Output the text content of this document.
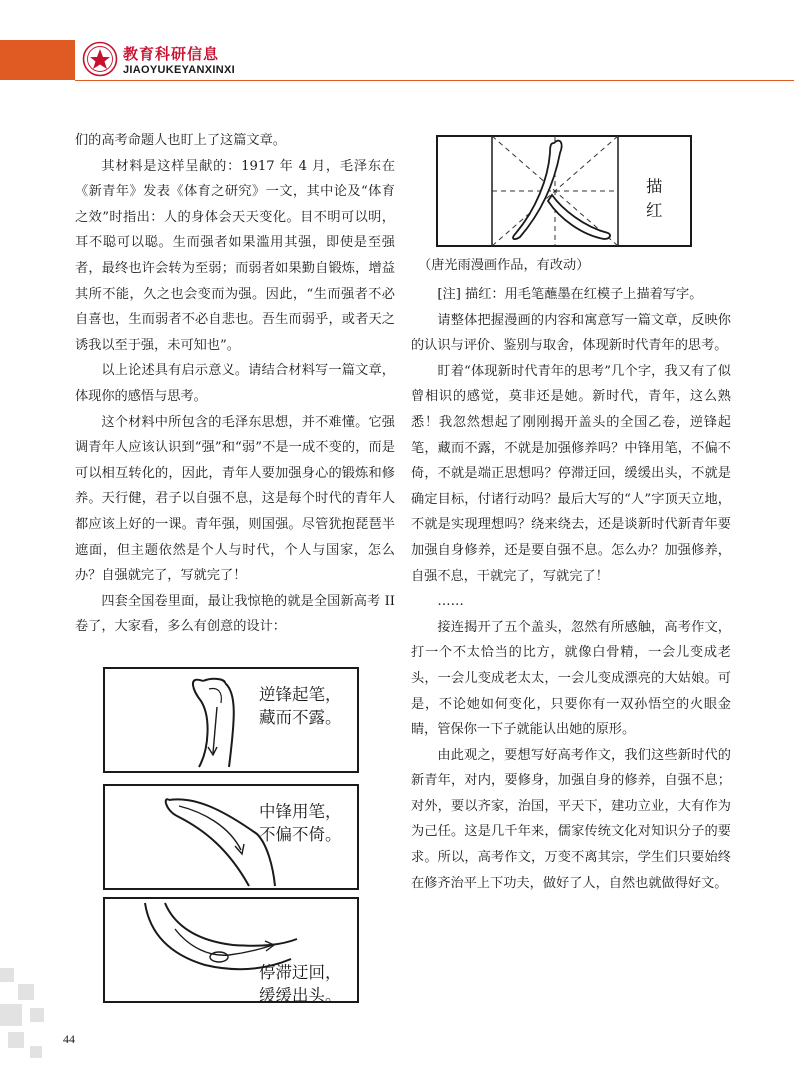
教育科研信息
JIAOYUKEYANXINXI

们的高考命题人也盯上了这篇文章。

其材料是这样呈献的：1917 年 4 月，毛泽东在《新青年》发表《体育之研究》一文，其中论及“体育之效”时指出：人的身体会天天变化。目不明可以明，耳不聪可以聪。生而强者如果滥用其强，即使是至强者，最终也许会转为至弱；而弱者如果勤自锻炼，增益其所不能，久之也会变而为强。因此，“生而强者不必自喜也，生而弱者不必自悲也。吾生而弱乎，或者天之诱我以至于强，未可知也”。

以上论述具有启示意义。请结合材料写一篇文章，体现你的感悟与思考。

这个材料中所包含的毛泽东思想，并不难懂。它强调青年人应该认识到“强”和“弱”不是一成不变的，而是可以相互转化的，因此，青年人要加强身心的锻炼和修养。天行健，君子以自强不息，这是每个时代的青年人都应该上好的一课。青年强，则国强。尽管犹抱琵琶半遮面，但主题依然是个人与时代，个人与国家，怎么办？自强就完了，写就完了！

四套全国卷里面，最让我惊艳的就是全国新高考 II 卷了，大家看，多么有创意的设计：

描红
（唐光雨漫画作品，有改动）
逆锋起笔，藏而不露。
中锋用笔，不偏不倚。
停滞迂回，缓缓出头。

[注] 描红：用毛笔蘸墨在红模子上描着写字。

请整体把握漫画的内容和寓意写一篇文章，反映你的认识与评价、鉴别与取舍，体现新时代青年的思考。

盯着“体现新时代青年的思考”几个字，我又有了似曾相识的感觉，莫非还是她。新时代，青年，这么熟悉！我忽然想起了刚刚揭开盖头的全国乙卷，逆锋起笔，藏而不露，不就是加强修养吗？中锋用笔，不偏不倚，不就是端正思想吗？停滞迂回，缓缓出头，不就是确定目标，付诸行动吗？最后大写的“人”字顶天立地，不就是实现理想吗？绕来绕去，还是谈新时代新青年要加强自身修养，还是要自强不息。怎么办？加强修养，自强不息，干就完了，写就完了！

……

接连揭开了五个盖头，忽然有所感触，高考作文，打一个不太恰当的比方，就像白骨精，一会儿变成老头，一会儿变成老太太，一会儿变成漂亮的大姑娘。可是，不论她如何变化，只要你有一双孙悟空的火眼金睛，管保你一下子就能认出她的原形。

由此观之，要想写好高考作文，我们这些新时代的新青年，对内，要修身，加强自身的修养，自强不息；对外，要以齐家，治国，平天下，建功立业，大有作为为己任。这是几千年来，儒家传统文化对知识分子的要求。所以，高考作文，万变不离其宗，学生们只要始终在修齐治平上下功夫，做好了人，自然也就做得好文。

44
